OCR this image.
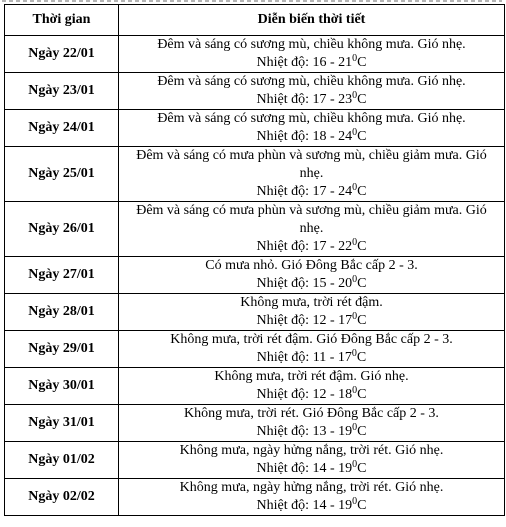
Thời gian	Diễn biến thời tiết
Ngày 22/01	Đêm và sáng có sương mù, chiều không mưa. Gió nhẹ.
Nhiệt độ: $16 - 21^0C$
Ngày 23/01	Đêm và sáng có sương mù, chiều không mưa. Gió nhẹ.
Nhiệt độ: $17 - 23^0C$
Ngày 24/01	Đêm và sáng có sương mù, chiều không mưa. Gió nhẹ.
Nhiệt độ: $18 - 24^0C$
Ngày 25/01	Đêm và sáng có mưa phùn và sương mù, chiều giảm mưa. Gió nhẹ.
Nhiệt độ: $17 - 24^0C$
Ngày 26/01	Đêm và sáng có mưa phùn và sương mù, chiều giảm mưa. Gió nhẹ.
Nhiệt độ: $17 - 22^0C$
Ngày 27/01	Có mưa nhỏ. Gió Đông Bắc cấp 2 - 3.
Nhiệt độ: $15 - 20^0C$
Ngày 28/01	Không mưa, trời rét đậm.
Nhiệt độ: $12 - 17^0C$
Ngày 29/01	Không mưa, trời rét đậm. Gió Đông Bắc cấp 2 - 3.
Nhiệt độ: $11 - 17^0C$
Ngày 30/01	Không mưa, trời rét đậm. Gió nhẹ.
Nhiệt độ: $12 - 18^0C$
Ngày 31/01	Không mưa, trời rét. Gió Đông Bắc cấp 2 - 3.
Nhiệt độ: $13 - 19^0C$
Ngày 01/02	Không mưa, ngày hửng nắng, trời rét. Gió nhẹ.
Nhiệt độ: $14 - 19^0C$
Ngày 02/02	Không mưa, ngày hửng nắng, trời rét. Gió nhẹ.
Nhiệt độ: $14 - 19^0C$
